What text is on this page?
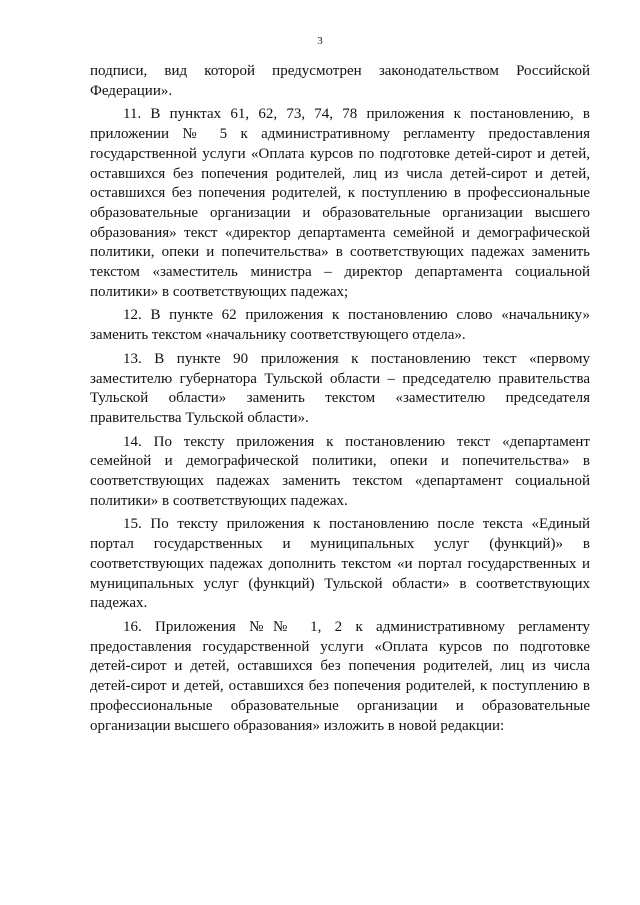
3

подписи, вид которой предусмотрен законодательством Российской Федерации».

11. В пунктах 61, 62, 73, 74, 78 приложения к постановлению, в приложении № 5 к административному регламенту предоставления государственной услуги «Оплата курсов по подготовке детей-сирот и детей, оставшихся без попечения родителей, лиц из числа детей-сирот и детей, оставшихся без попечения родителей, к поступлению в профессиональные образовательные организации и образовательные организации высшего образования» текст «директор департамента семейной и демографической политики, опеки и попечительства» в соответствующих падежах заменить текстом «заместитель министра – директор департамента социальной политики» в соответствующих падежах;

12. В пункте 62 приложения к постановлению слово «начальнику» заменить текстом «начальнику соответствующего отдела».

13. В пункте 90 приложения к постановлению текст «первому заместителю губернатора Тульской области – председателю правительства Тульской области» заменить текстом «заместителю председателя правительства Тульской области».

14. По тексту приложения к постановлению текст «департамент семейной и демографической политики, опеки и попечительства» в соответствующих падежах заменить текстом «департамент социальной политики» в соответствующих падежах.

15. По тексту приложения к постановлению после текста «Единый портал государственных и муниципальных услуг (функций)» в соответствующих падежах дополнить текстом «и портал государственных и муниципальных услуг (функций) Тульской области» в соответствующих падежах.

16. Приложения №№ 1, 2 к административному регламенту предоставления государственной услуги «Оплата курсов по подготовке детей-сирот и детей, оставшихся без попечения родителей, лиц из числа детей-сирот и детей, оставшихся без попечения родителей, к поступлению в профессиональные образовательные организации и образовательные организации высшего образования» изложить в новой редакции:
